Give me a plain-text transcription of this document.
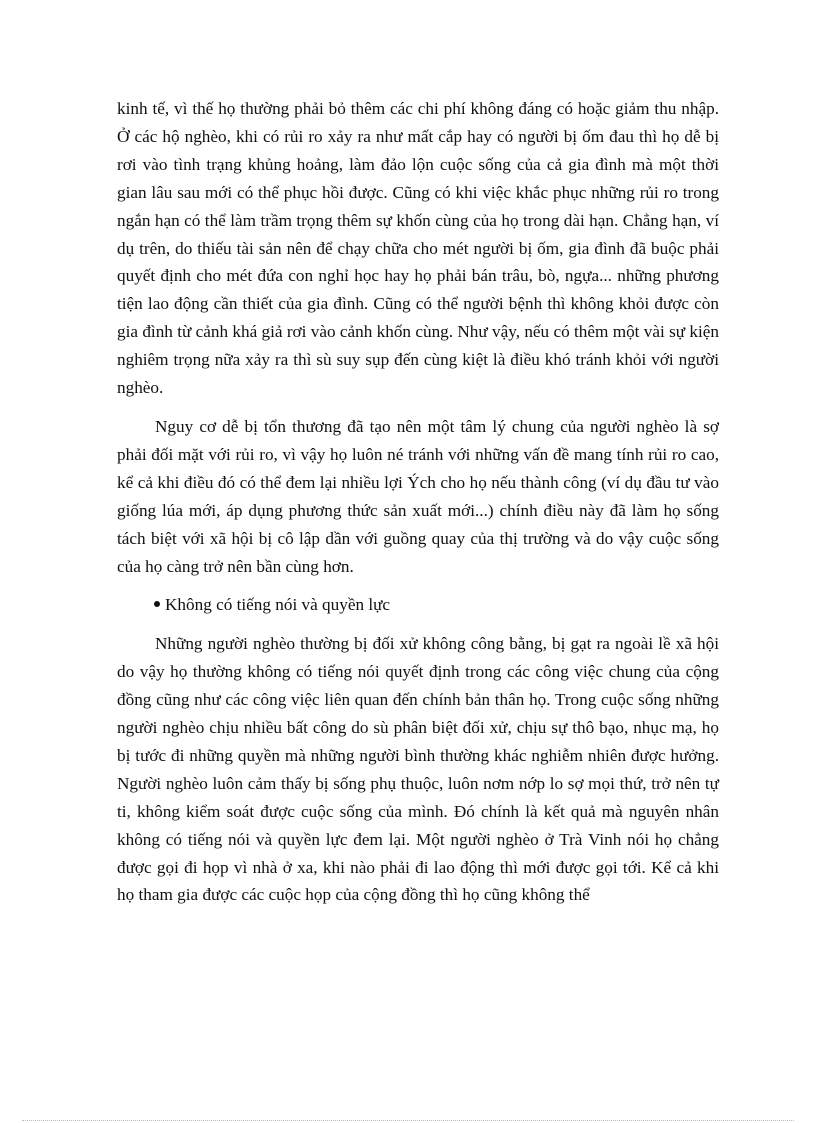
kinh tế, vì thế họ thường phải bỏ thêm các chi phí không đáng có hoặc giảm thu nhập. Ở các hộ nghèo, khi có rủi ro xảy ra như mất cắp hay có người bị ốm đau thì họ dễ bị rơi vào tình trạng khủng hoảng, làm đảo lộn cuộc sống của cả gia đình mà một thời gian lâu sau mới có thể phục hồi được. Cũng có khi việc khắc phục những rủi ro trong ngắn hạn có thể làm trầm trọng thêm sự khốn cùng của họ trong dài hạn. Chẳng hạn, ví dụ trên, do thiếu tài sản nên để chạy chữa cho mét người bị ốm, gia đình đã buộc phải quyết định cho mét đứa con nghỉ học hay họ phải bán trâu, bò, ngựa... những phương tiện lao động cần thiết của gia đình. Cũng có thể người bệnh thì không khỏi được còn gia đình từ cảnh khá giả rơi vào cảnh khốn cùng. Như vậy, nếu có thêm một vài sự kiện nghiêm trọng nữa xảy ra thì sù suy sụp đến cùng kiệt là điều khó tránh khỏi với người nghèo.

Nguy cơ dễ bị tổn thương đã tạo nên một tâm lý chung của người nghèo là sợ phải đối mặt với rủi ro, vì vậy họ luôn né tránh với những vấn đề mang tính rủi ro cao, kể cả khi điều đó có thể đem lại nhiều lợi Ých cho họ nếu thành công (ví dụ đầu tư vào giống lúa mới, áp dụng phương thức sản xuất mới...) chính điều này đã làm họ sống tách biệt với xã hội bị cô lập dần với guồng quay của thị trường và do vậy cuộc sống của họ càng trở nên bần cùng hơn.

Không có tiếng nói và quyền lực

Những người nghèo thường bị đối xử không công bằng, bị gạt ra ngoài lề xã hội do vậy họ thường không có tiếng nói quyết định trong các công việc chung của cộng đồng cũng như các công việc liên quan đến chính bản thân họ. Trong cuộc sống những người nghèo chịu nhiều bất công do sù phân biệt đối xử, chịu sự thô bạo, nhục mạ, họ bị tước đi những quyền mà những người bình thường khác nghiễm nhiên được hưởng. Người nghèo luôn cảm thấy bị sống phụ thuộc, luôn nơm nớp lo sợ mọi thứ, trở nên tự ti, không kiểm soát được cuộc sống của mình. Đó chính là kết quả mà nguyên nhân không có tiếng nói và quyền lực đem lại. Một người nghèo ở Trà Vinh nói họ chẳng được gọi đi họp vì nhà ở xa, khi nào phải đi lao động thì mới được gọi tới. Kể cả khi họ tham gia được các cuộc họp của cộng đồng thì họ cũng không thể
